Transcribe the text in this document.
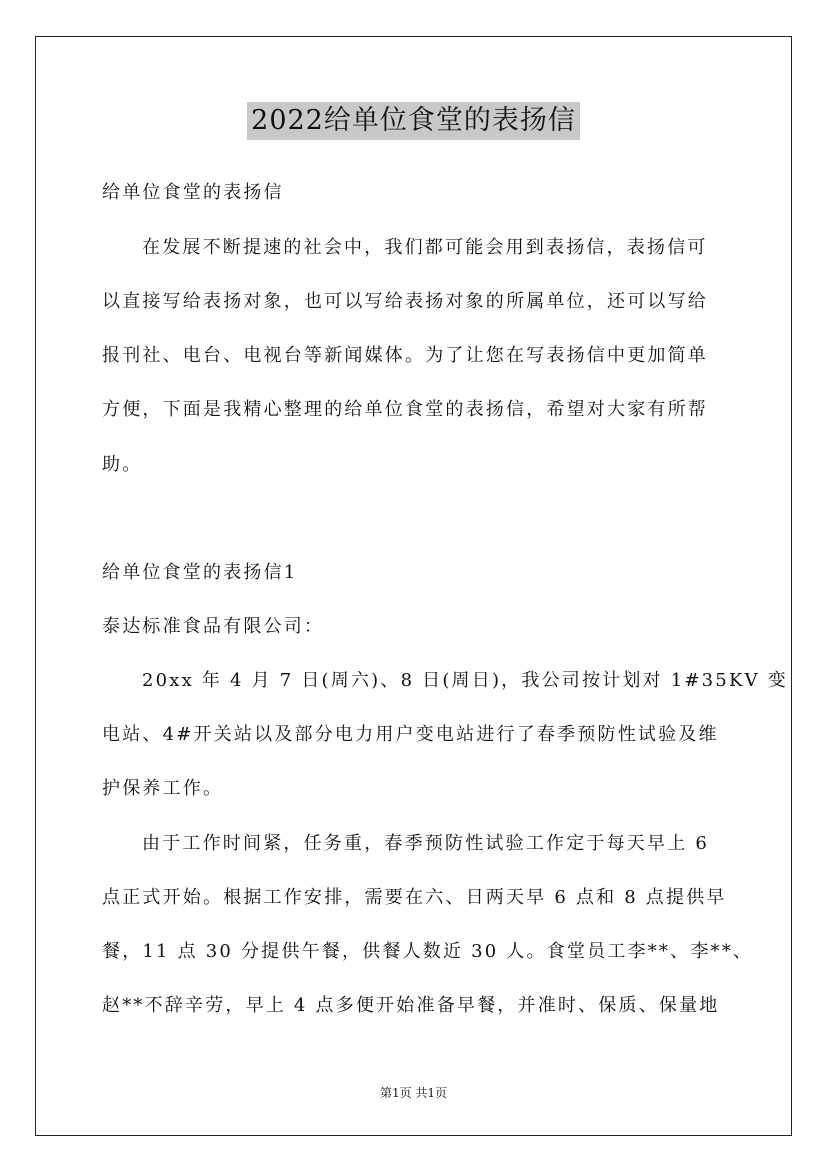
2022给单位食堂的表扬信
给单位食堂的表扬信
在发展不断提速的社会中，我们都可能会用到表扬信，表扬信可
以直接写给表扬对象，也可以写给表扬对象的所属单位，还可以写给
报刊社、电台、电视台等新闻媒体。为了让您在写表扬信中更加简单
方便，下面是我精心整理的给单位食堂的表扬信，希望对大家有所帮
助。
给单位食堂的表扬信1
泰达标准食品有限公司：
20xx 年 4 月 7 日(周六)、8 日(周日)，我公司按计划对 1#35KV 变
电站、4#开关站以及部分电力用户变电站进行了春季预防性试验及维
护保养工作。
由于工作时间紧，任务重，春季预防性试验工作定于每天早上 6
点正式开始。根据工作安排，需要在六、日两天早 6 点和 8 点提供早
餐，11 点 30 分提供午餐，供餐人数近 30 人。食堂员工李**、李**、
赵**不辞辛劳，早上 4 点多便开始准备早餐，并准时、保质、保量地
第1页 共1页
